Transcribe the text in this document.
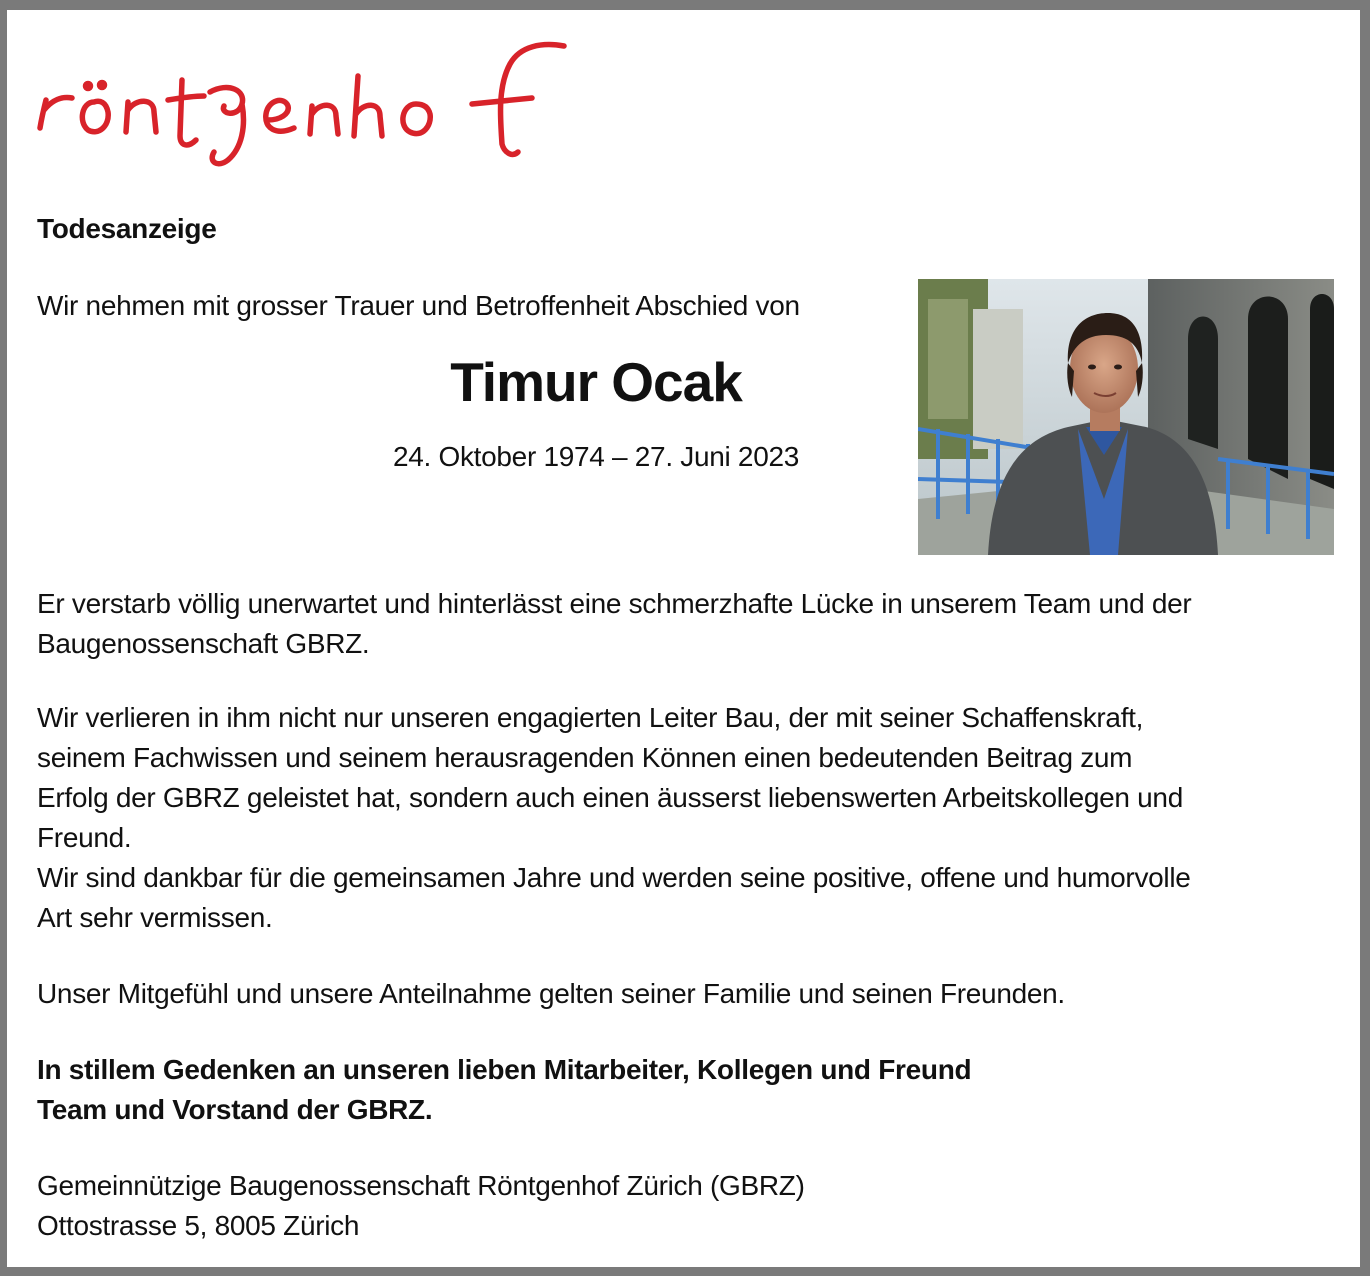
Todesanzeige
Wir nehmen mit grosser Trauer und Betroffenheit Abschied von
Timur Ocak
24. Oktober 1974 – 27. Juni 2023
Er verstarb völlig unerwartet und hinterlässt eine schmerzhafte Lücke in unserem Team und der
Baugenossenschaft GBRZ.
Wir verlieren in ihm nicht nur unseren engagierten Leiter Bau, der mit seiner Schaffenskraft,
seinem Fachwissen und seinem herausragenden Können einen bedeutenden Beitrag zum
Erfolg der GBRZ geleistet hat, sondern auch einen äusserst liebenswerten Arbeitskollegen und
Freund.
Wir sind dankbar für die gemeinsamen Jahre und werden seine positive, offene und humorvolle
Art sehr vermissen.
Unser Mitgefühl und unsere Anteilnahme gelten seiner Familie und seinen Freunden.
In stillem Gedenken an unseren lieben Mitarbeiter, Kollegen und Freund
Team und Vorstand der GBRZ.
Gemeinnützige Baugenossenschaft Röntgenhof Zürich (GBRZ)
Ottostrasse 5, 8005 Zürich
